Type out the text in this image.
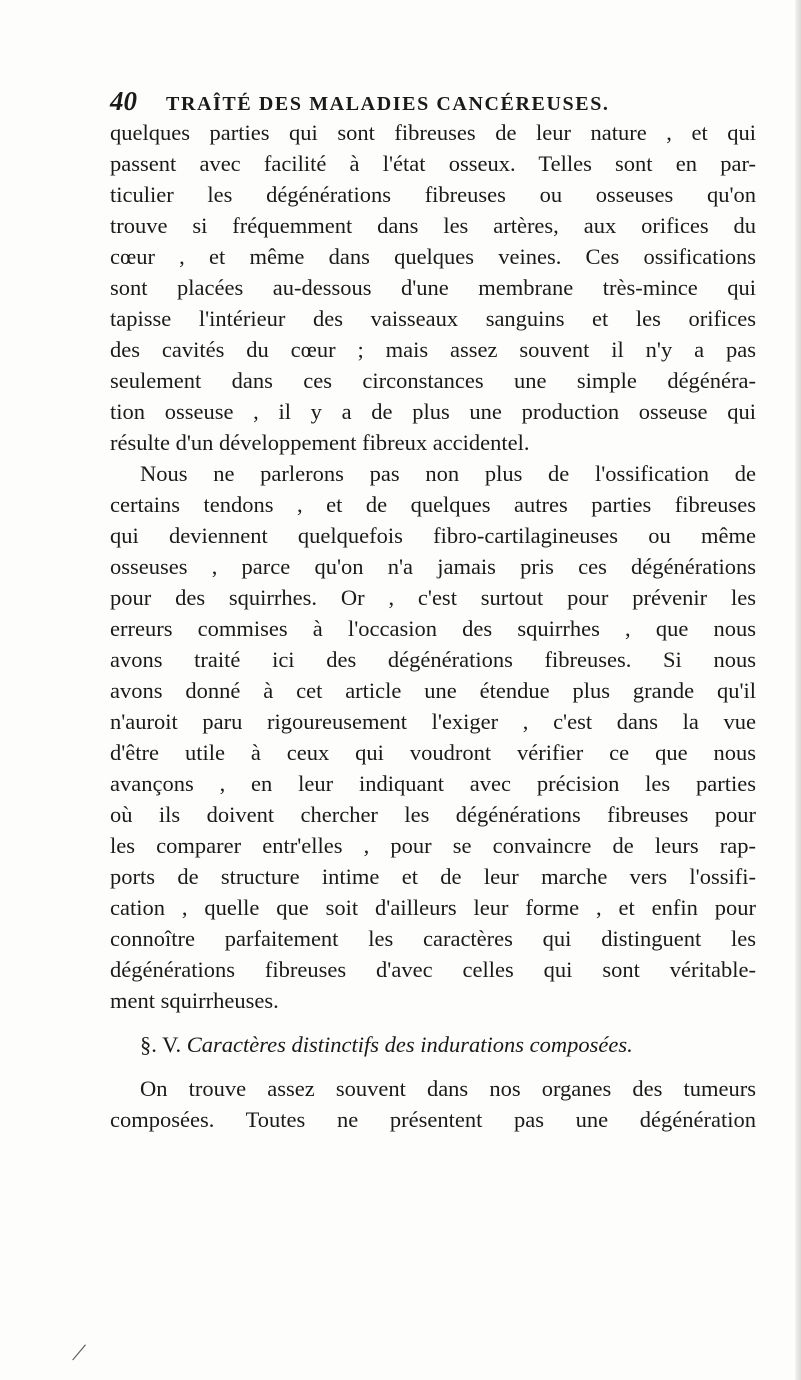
40 TRAÎTÉ DES MALADIES CANCÉREUSES.
quelques parties qui sont fibreuses de leur nature , et qui
passent avec facilité à l'état osseux. Telles sont en par-
ticulier les dégénérations fibreuses ou osseuses qu'on
trouve si fréquemment dans les artères, aux orifices du
cœur , et même dans quelques veines. Ces ossifications
sont placées au-dessous d'une membrane très-mince qui
tapisse l'intérieur des vaisseaux sanguins et les orifices
des cavités du cœur ; mais assez souvent il n'y a pas
seulement dans ces circonstances une simple dégénéra-
tion osseuse , il y a de plus une production osseuse qui
résulte d'un développement fibreux accidentel.
Nous ne parlerons pas non plus de l'ossification de
certains tendons , et de quelques autres parties fibreuses
qui deviennent quelquefois fibro-cartilagineuses ou même
osseuses , parce qu'on n'a jamais pris ces dégénérations
pour des squirrhes. Or , c'est surtout pour prévenir les
erreurs commises à l'occasion des squirrhes , que nous
avons traité ici des dégénérations fibreuses. Si nous
avons donné à cet article une étendue plus grande qu'il
n'auroit paru rigoureusement l'exiger , c'est dans la vue
d'être utile à ceux qui voudront vérifier ce que nous
avançons , en leur indiquant avec précision les parties
où ils doivent chercher les dégénérations fibreuses pour
les comparer entr'elles , pour se convaincre de leurs rap-
ports de structure intime et de leur marche vers l'ossifi-
cation , quelle que soit d'ailleurs leur forme , et enfin pour
connoître parfaitement les caractères qui distinguent les
dégénérations fibreuses d'avec celles qui sont véritable-
ment squirrheuses.
§. V. Caractères distinctifs des indurations composées.
On trouve assez souvent dans nos organes des tumeurs
composées. Toutes ne présentent pas une dégénération
|
